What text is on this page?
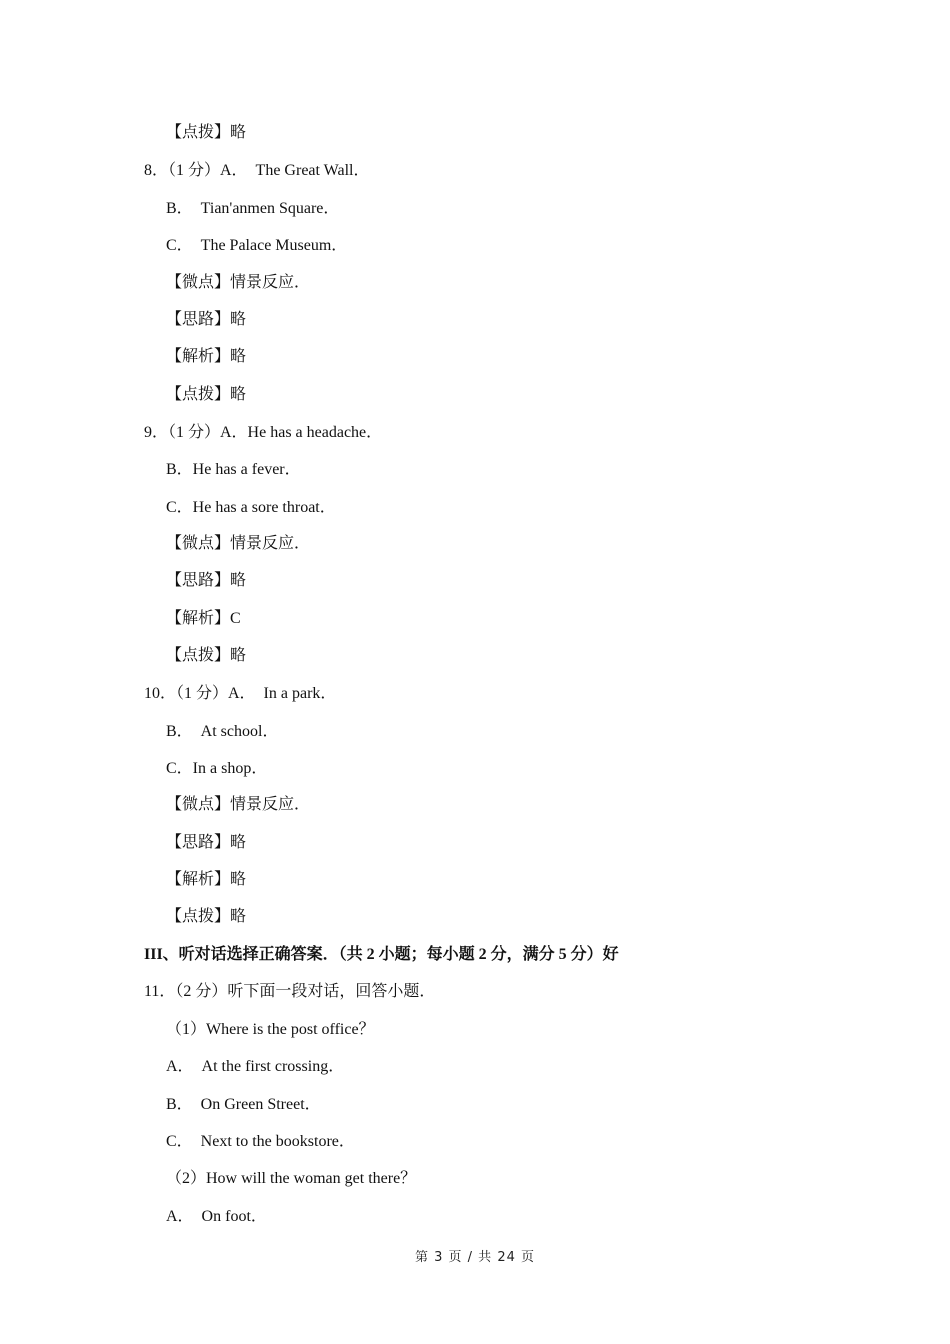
【点拨】略
8．（1 分）A．　The Great Wall．
B．　Tian'anmen Square．
C．　The Palace Museum．
【微点】情景反应．
【思路】略
【解析】略
【点拨】略
9．（1 分）A．He has a headache．
B．He has a fever．
C．He has a sore throat．
【微点】情景反应．
【思路】略
【解析】C
【点拨】略
10．（1 分）A．　In a park．
B．　At school．
C．In a shop．
【微点】情景反应．
【思路】略
【解析】略
【点拨】略
III、听对话选择正确答案．（共 2 小题；每小题 2 分，满分 5 分）好
11．（2 分）听下面一段对话，回答小题．
（1）Where is the post office？
A．　At the first crossing．
B．　On Green Street．
C．　Next to the bookstore．
（2）How will the woman get there？
A．　On foot．
第 3 页 / 共 24 页
